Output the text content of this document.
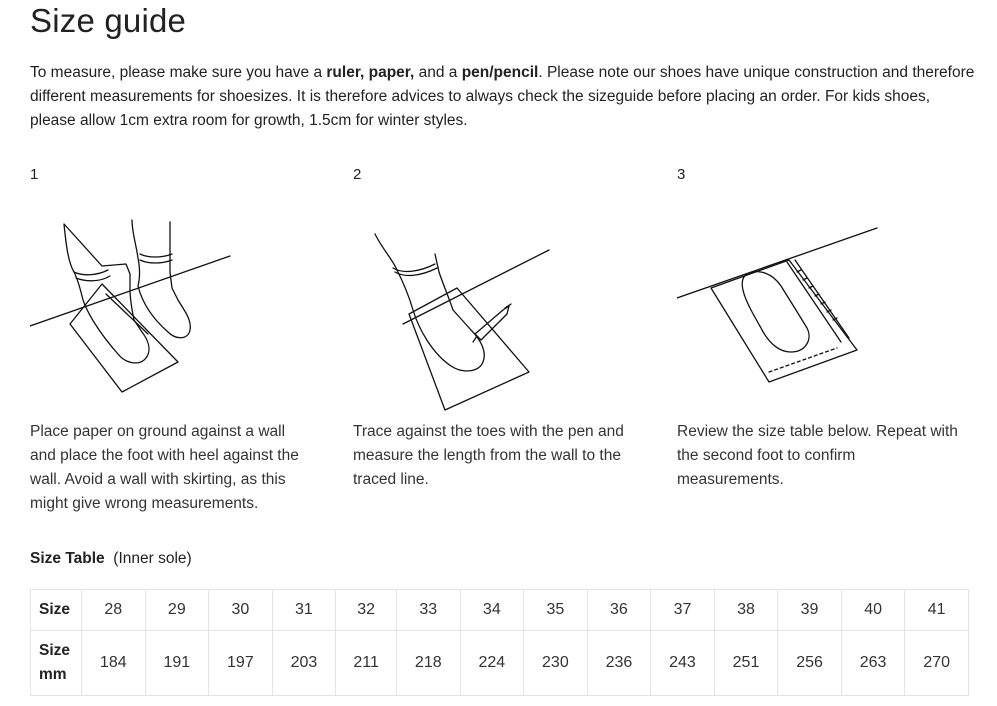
Size guide

To measure, please make sure you have a ruler, paper, and a pen/pencil. Please note our shoes have unique construction and therefore different measurements for shoesizes. It is therefore advices to always check the sizeguide before placing an order. For kids shoes, please allow 1cm extra room for growth, 1.5cm for winter styles.

1
Place paper on ground against a wall and place the foot with heel against the wall. Avoid a wall with skirting, as this might give wrong measurements.
2
Trace against the toes with the pen and measure the length from the wall to the traced line.
3
Review the size table below. Repeat with the second foot to confirm measurements.
Size Table (Inner sole)
Size	28	29	30	31	32	33	34	35	36	37	38	39	40	41
Size
mm	184	191	197	203	211	218	224	230	236	243	251	256	263	270
